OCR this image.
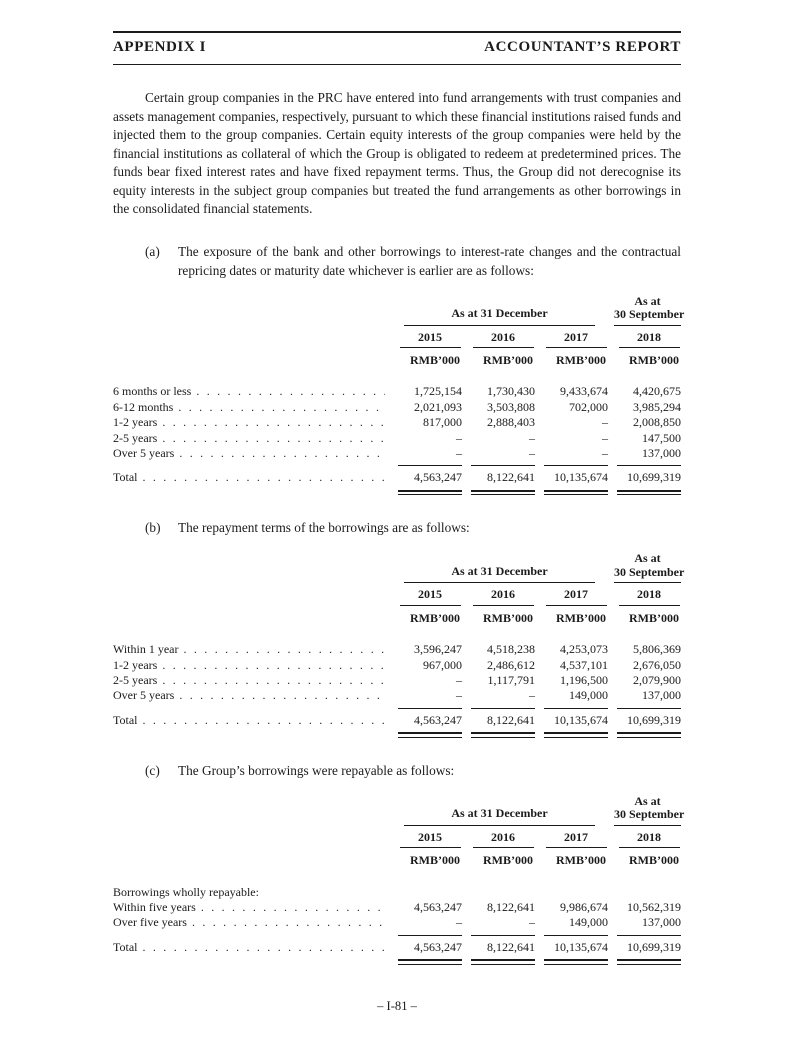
APPENDIX I	ACCOUNTANT’S REPORT

Certain group companies in the PRC have entered into fund arrangements with trust companies and assets management companies, respectively, pursuant to which these financial institutions raised funds and injected them to the group companies. Certain equity interests of the group companies were held by the financial institutions as collateral of which the Group is obligated to redeem at predetermined prices. The funds bear fixed interest rates and have fixed repayment terms. Thus, the Group did not derecognise its equity interests in the subject group companies but treated the fund arrangements as other borrowings in the consolidated financial statements.

(a)	The exposure of the bank and other borrowings to interest-rate changes and the contractual repricing dates or maturity date whichever is earlier are as follows:
As at 31 December
As at
30 September
2015	2016	2017	2018
RMB’000	RMB’000	RMB’000	RMB’000
6 months or less . . .	1,725,154	1,730,430	9,433,674	4,420,675
6-12 months . . .	2,021,093	3,503,808	702,000	3,985,294
1-2 years . . .	817,000	2,888,403	–	2,008,850
2-5 years . . .	–	–	–	147,500
Over 5 years . . .	–	–	–	137,000
Total . . .	4,563,247	8,122,641	10,135,674	10,699,319
(b)	The repayment terms of the borrowings are as follows:
As at 31 December
As at
30 September
2015	2016	2017	2018
RMB’000	RMB’000	RMB’000	RMB’000
Within 1 year . . .	3,596,247	4,518,238	4,253,073	5,806,369
1-2 years . . .	967,000	2,486,612	4,537,101	2,676,050
2-5 years . . .	–	1,117,791	1,196,500	2,079,900
Over 5 years . . .	–	–	149,000	137,000
Total . . .	4,563,247	8,122,641	10,135,674	10,699,319
(c)	The Group’s borrowings were repayable as follows:
As at 31 December
As at
30 September
2015	2016	2017	2018
RMB’000	RMB’000	RMB’000	RMB’000
Borrowings wholly repayable:
Within five years . . .	4,563,247	8,122,641	9,986,674	10,562,319
Over five years . . .	–	–	149,000	137,000
Total . . .	4,563,247	8,122,641	10,135,674	10,699,319
– I-81 –
